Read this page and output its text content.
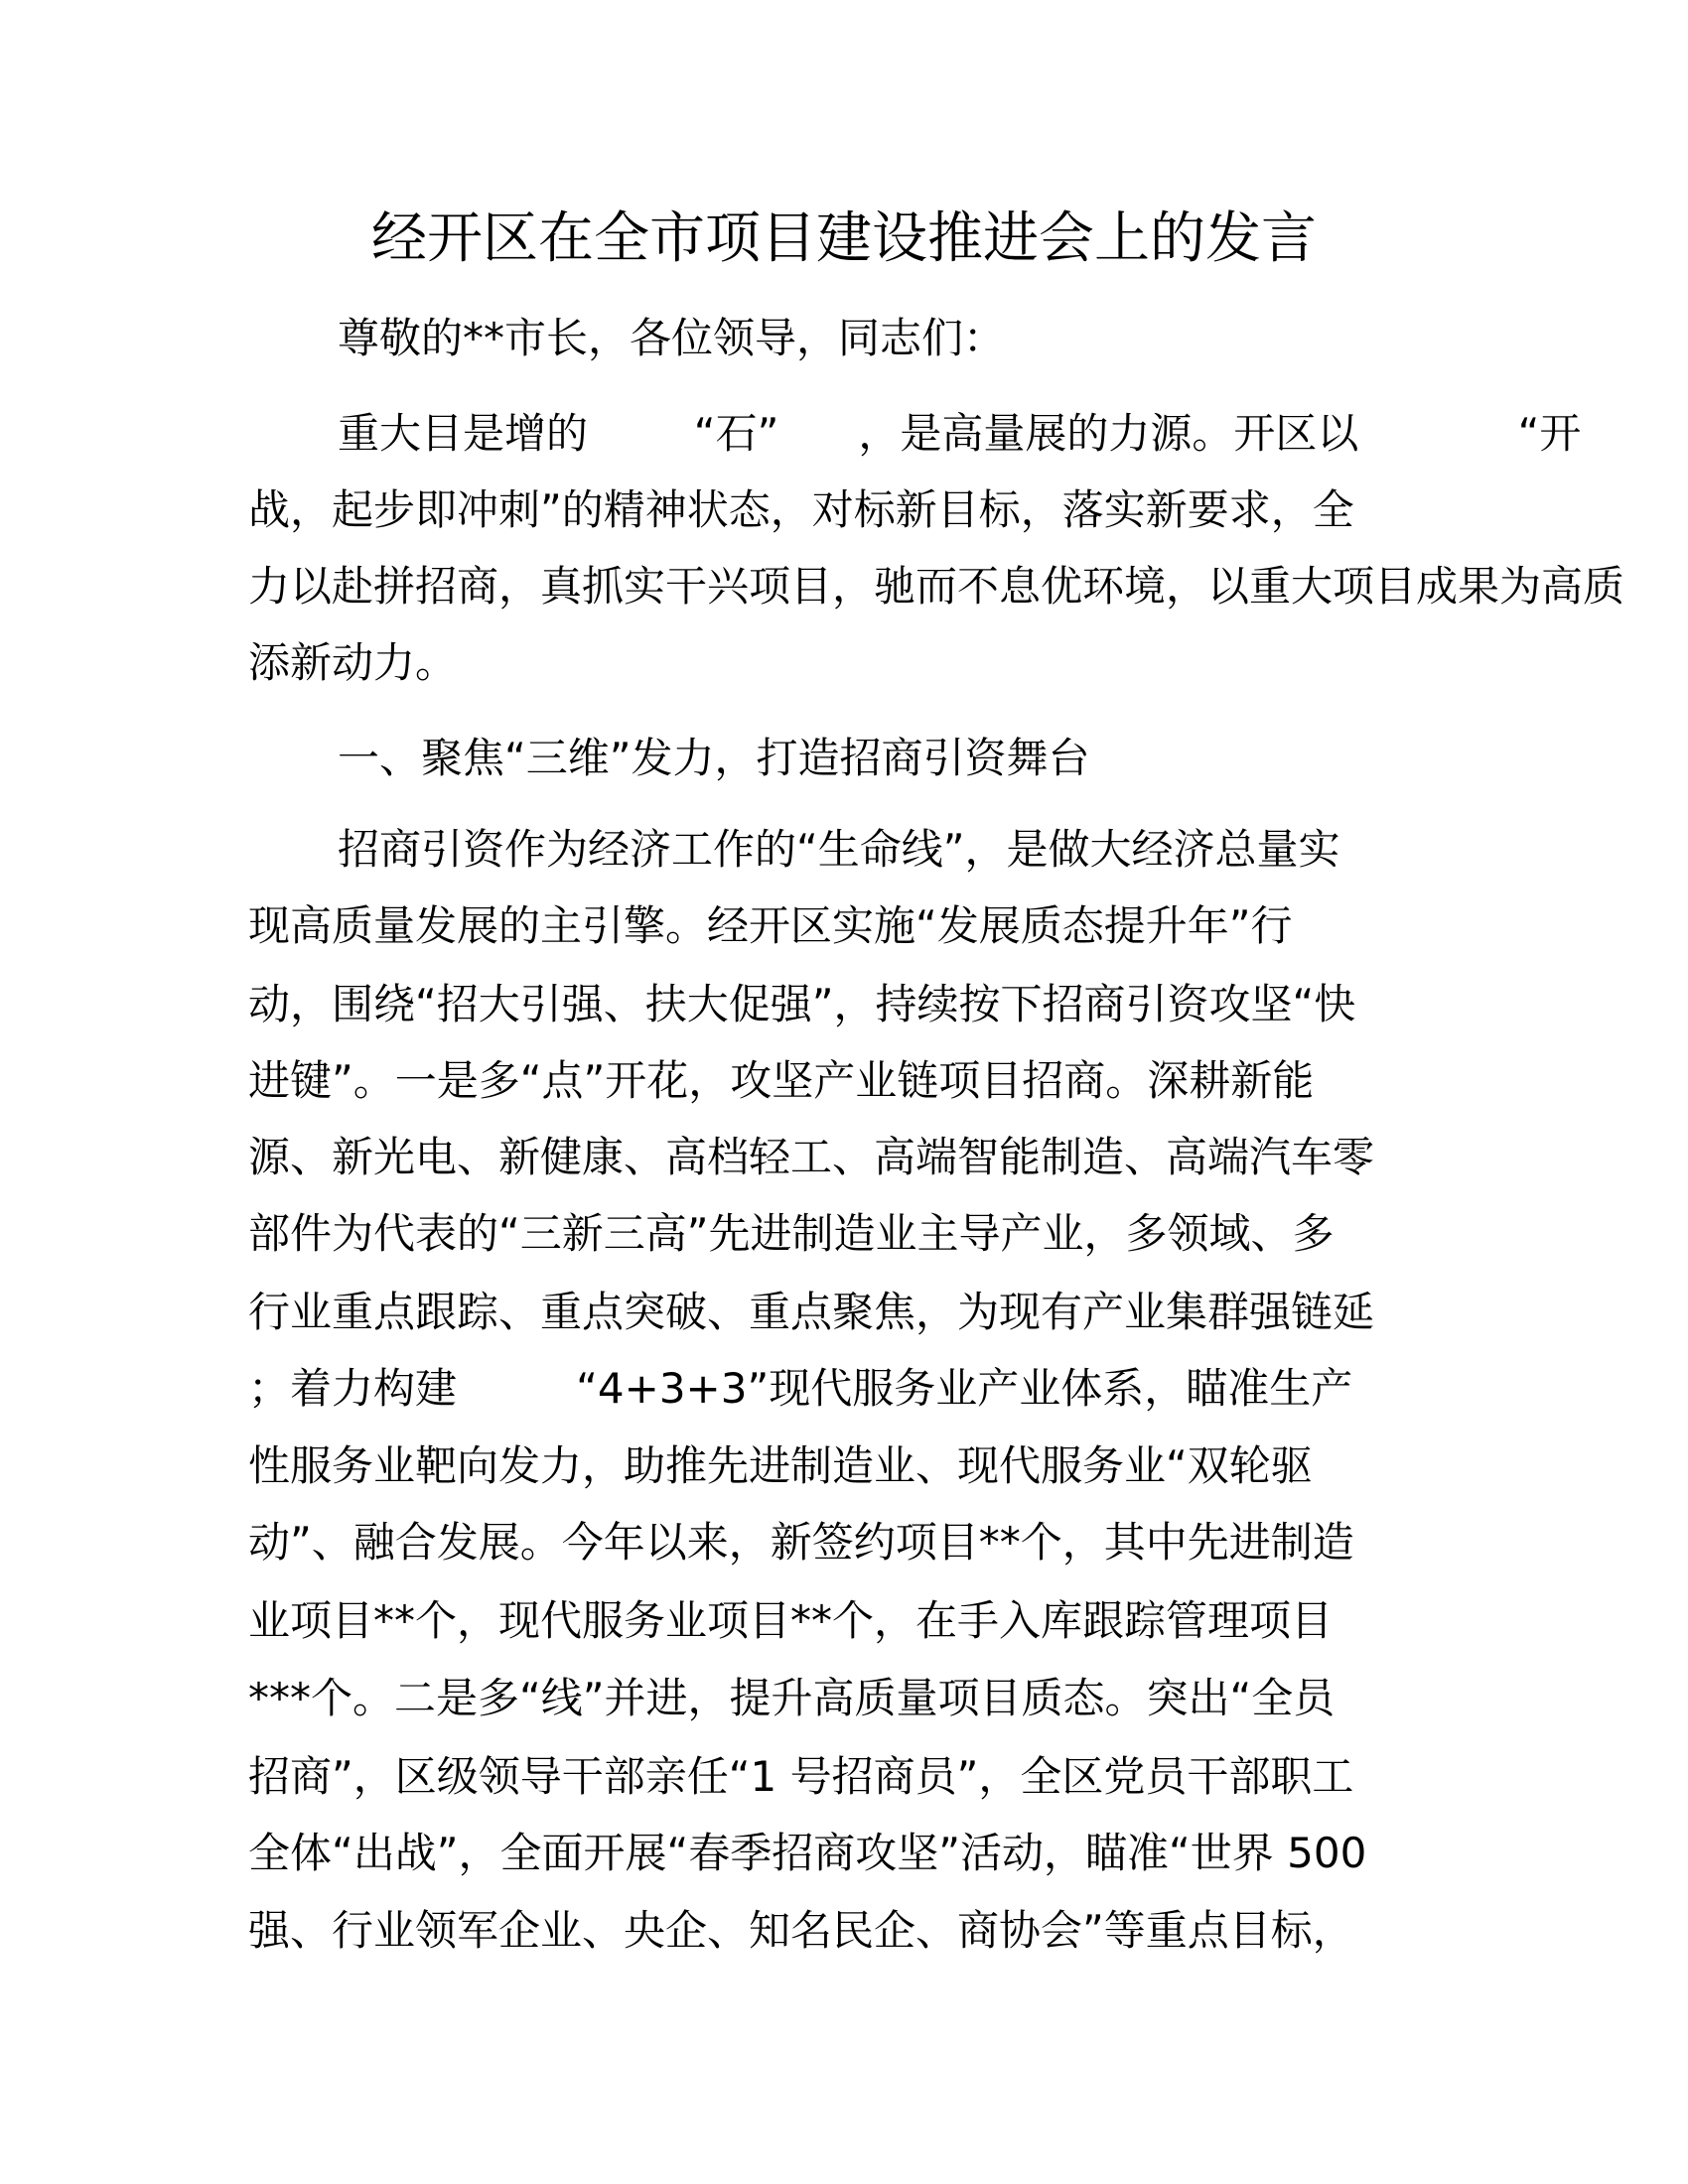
经开区在全市项目建设推进会上的发言
尊敬的**市长，各位领导，同志们：
重大目是增的        “石”      ，是高量展的力源。开区以            “开
战，起步即冲刺”的精神状态，对标新目标，落实新要求，全
力以赴拼招商，真抓实干兴项目，驰而不息优环境，以重大项目成果为高质
添新动力。
一、聚焦“三维”发力，打造招商引资舞台
招商引资作为经济工作的“生命线”，是做大经济总量实
现高质量发展的主引擎。经开区实施“发展质态提升年”行
动，围绕“招大引强、扶大促强”，持续按下招商引资攻坚“快
进键”。一是多“点”开花，攻坚产业链项目招商。深耕新能
源、新光电、新健康、高档轻工、高端智能制造、高端汽车零
部件为代表的“三新三高”先进制造业主导产业，多领域、多
行业重点跟踪、重点突破、重点聚焦，为现有产业集群强链延
；着力构建         “4+3+3”现代服务业产业体系，瞄准生产
性服务业靶向发力，助推先进制造业、现代服务业“双轮驱
动”、融合发展。今年以来，新签约项目**个，其中先进制造
业项目**个，现代服务业项目**个，在手入库跟踪管理项目
***个。二是多“线”并进，提升高质量项目质态。突出“全员
招商”，区级领导干部亲任“1 号招商员”，全区党员干部职工
全体“出战”，全面开展“春季招商攻坚”活动，瞄准“世界 500
强、行业领军企业、央企、知名民企、商协会”等重点目标，
